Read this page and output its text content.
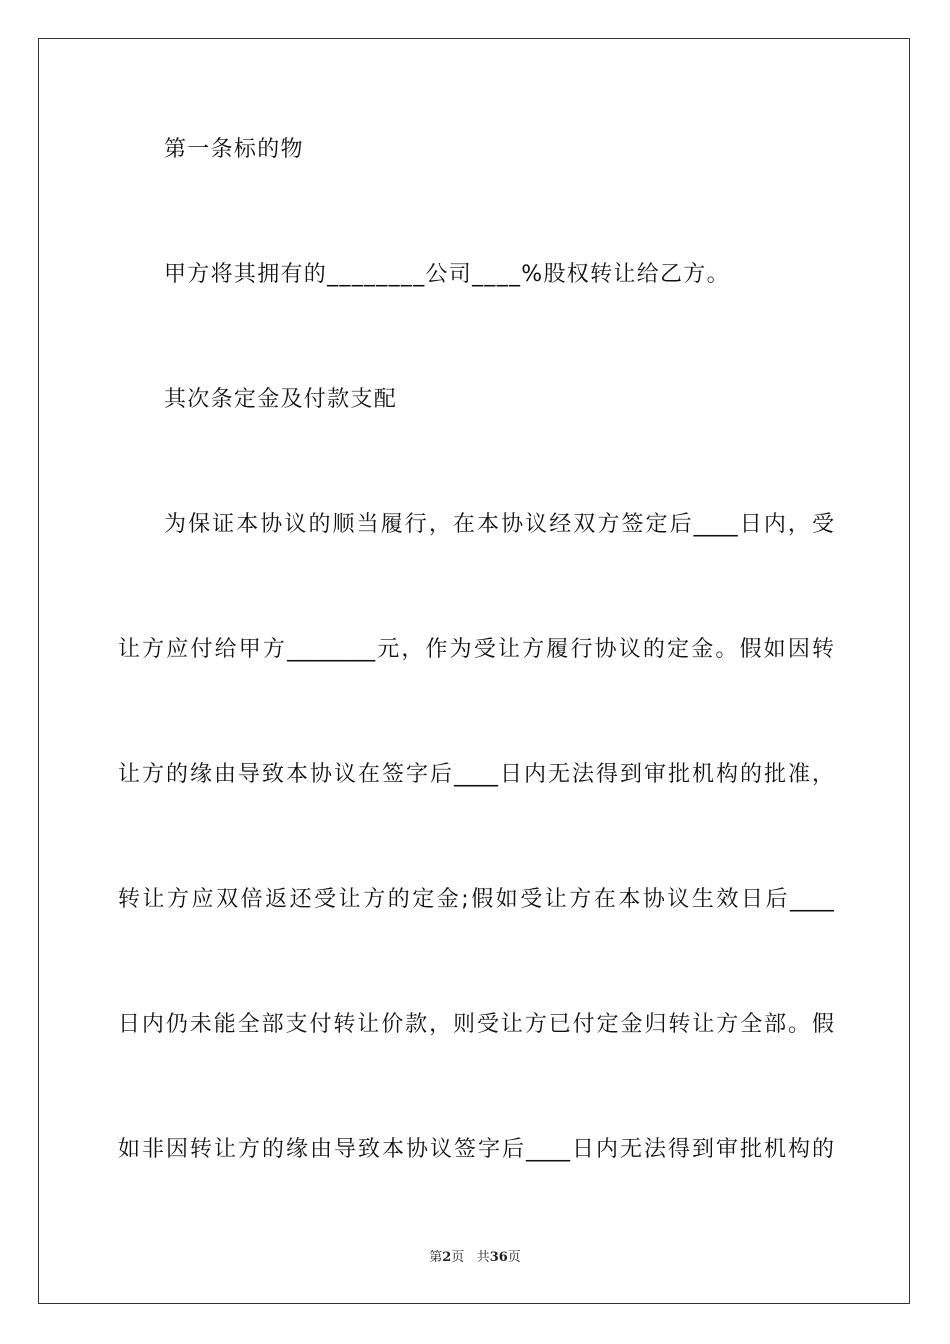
第一条标的物
甲方将其拥有的________公司____%股权转让给乙方。
其次条定金及付款支配
为保证本协议的顺当履行，在本协议经双方签定后____日内，受
让方应付给甲方________元，作为受让方履行协议的定金。假如因转
让方的缘由导致本协议在签字后____日内无法得到审批机构的批准，
转让方应双倍返还受让方的定金;假如受让方在本协议生效日后____
日内仍未能全部支付转让价款，则受让方已付定金归转让方全部。假
如非因转让方的缘由导致本协议签字后____日内无法得到审批机构的
第2页 共36页
